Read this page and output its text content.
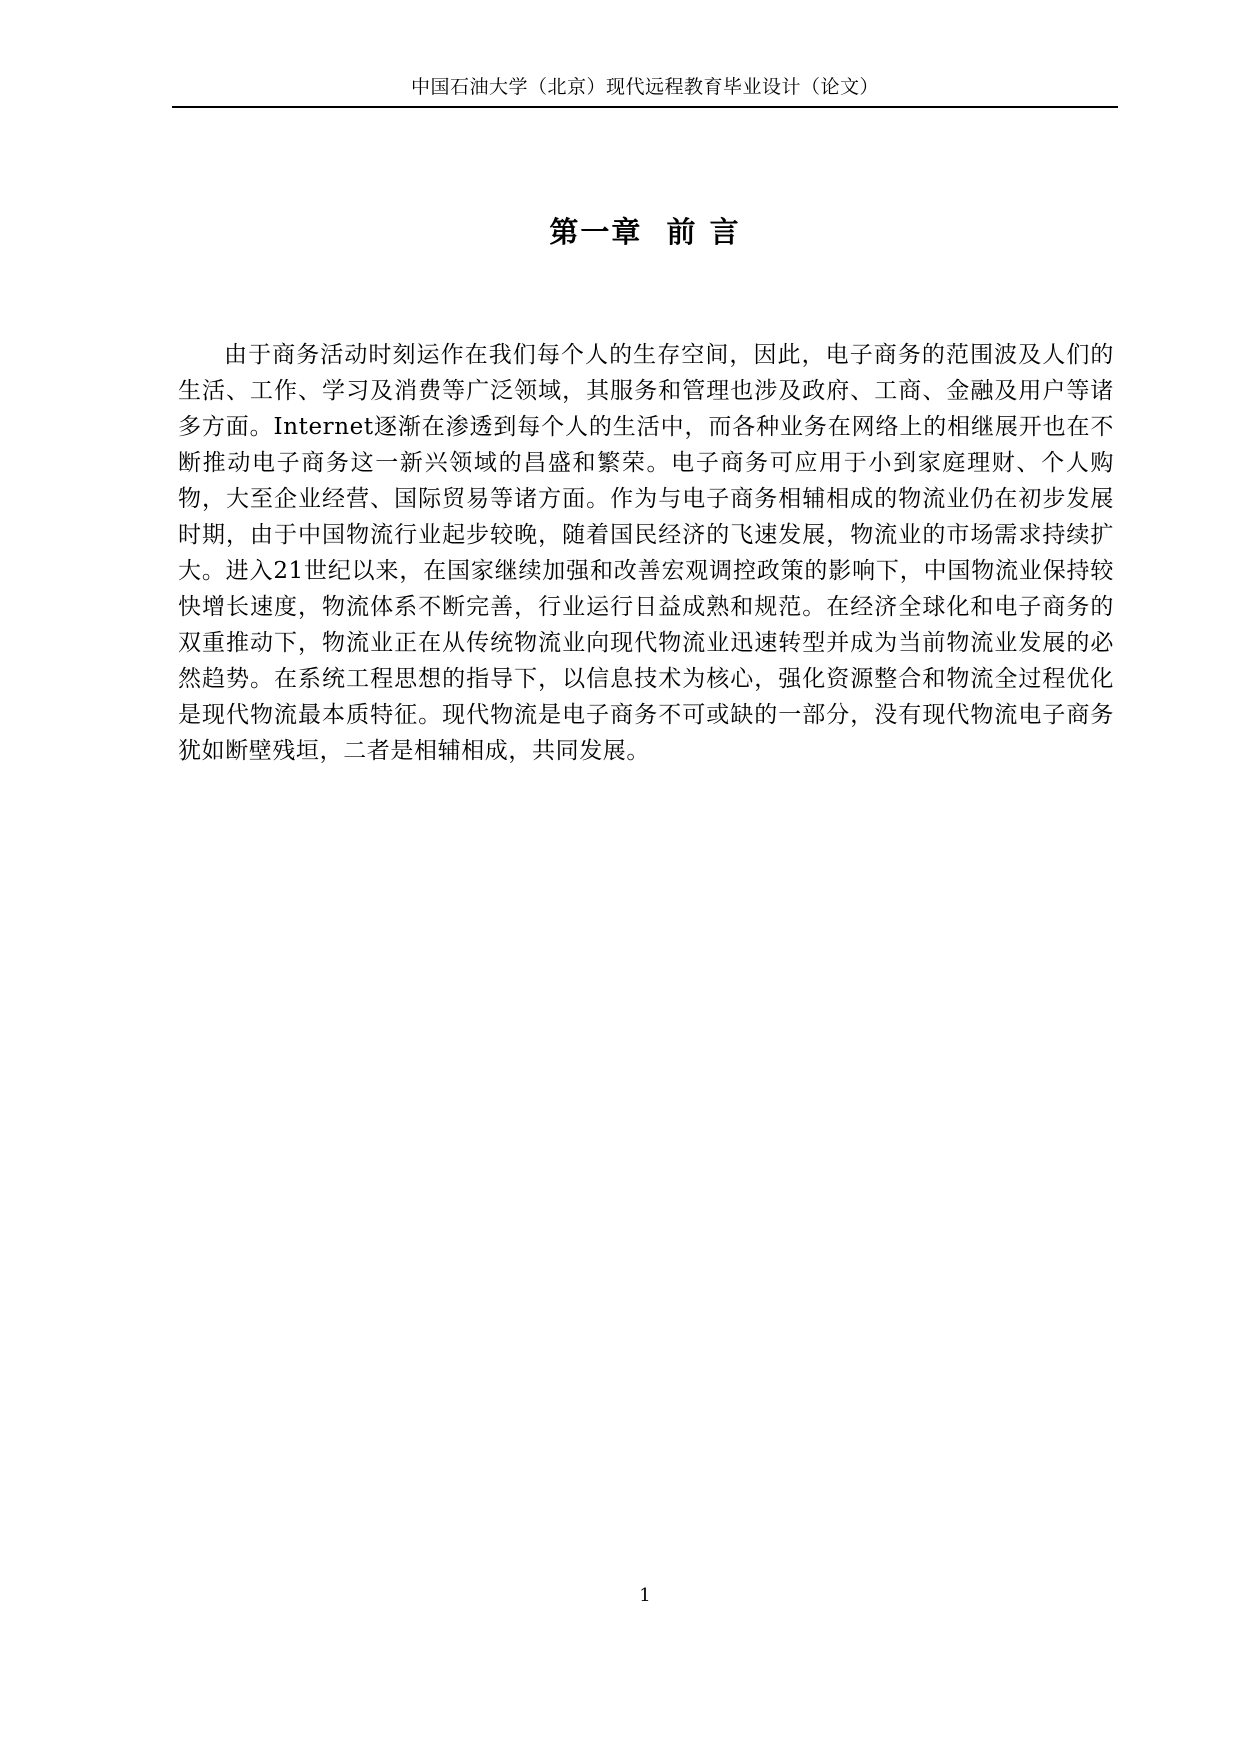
中国石油大学（北京）现代远程教育毕业设计（论文）
第一章  前 言

由于商务活动时刻运作在我们每个人的生存空间，因此，电子商务的范围波及人们的生活、工作、学习及消费等广泛领域，其服务和管理也涉及政府、工商、金融及用户等诸多方面。Internet逐渐在渗透到每个人的生活中，而各种业务在网络上的相继展开也在不断推动电子商务这一新兴领域的昌盛和繁荣。电子商务可应用于小到家庭理财、个人购物，大至企业经营、国际贸易等诸方面。作为与电子商务相辅相成的物流业仍在初步发展时期，由于中国物流行业起步较晚，随着国民经济的飞速发展，物流业的市场需求持续扩大。进入21世纪以来，在国家继续加强和改善宏观调控政策的影响下，中国物流业保持较快增长速度，物流体系不断完善，行业运行日益成熟和规范。在经济全球化和电子商务的双重推动下，物流业正在从传统物流业向现代物流业迅速转型并成为当前物流业发展的必然趋势。在系统工程思想的指导下，以信息技术为核心，强化资源整合和物流全过程优化是现代物流最本质特征。现代物流是电子商务不可或缺的一部分，没有现代物流电子商务犹如断壁残垣，二者是相辅相成，共同发展。

1
